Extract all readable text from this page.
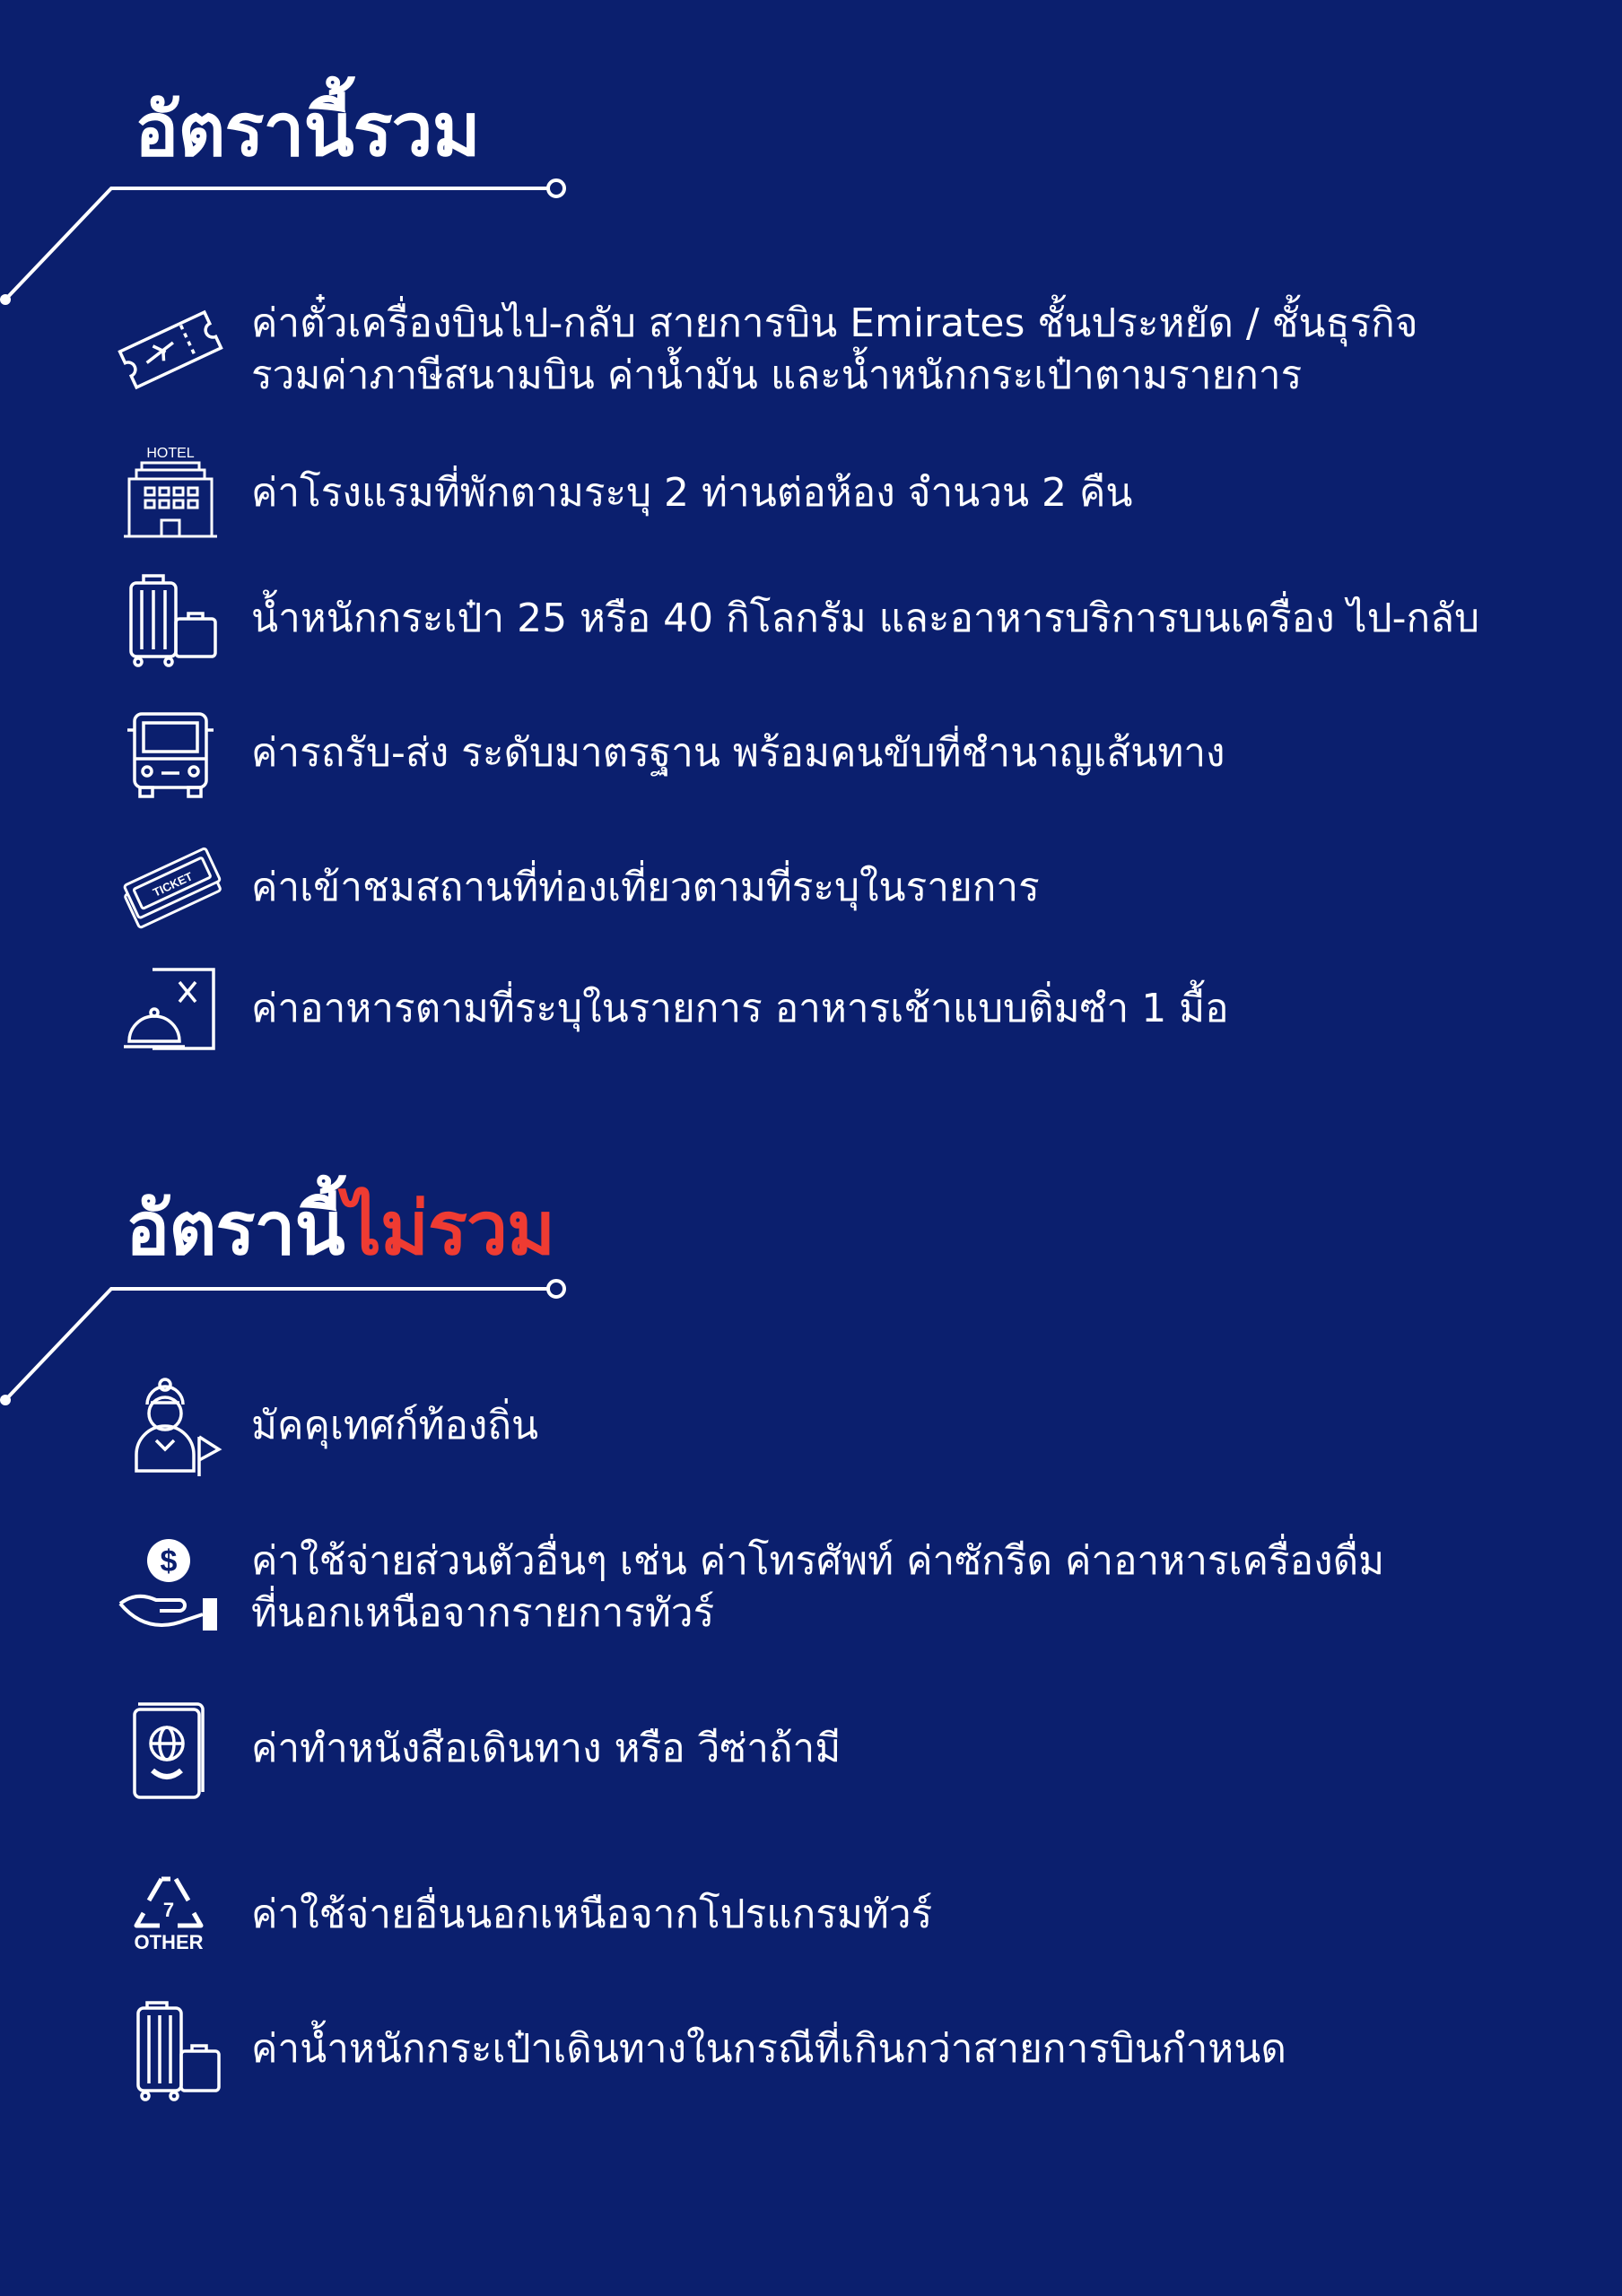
อัตรานี้รวม
ค่าตั๋วเครื่องบินไป-กลับ สายการบิน Emirates ชั้นประหยัด / ชั้นธุรกิจ
รวมค่าภาษีสนามบิน ค่าน้ำมัน และน้ำหนักกระเป๋าตามรายการ
HOTEL
ค่าโรงแรมที่พักตามระบุ 2 ท่านต่อห้อง จำนวน 2 คืน
น้ำหนักกระเป๋า 25 หรือ 40 กิโลกรัม และอาหารบริการบนเครื่อง ไป-กลับ
ค่ารถรับ-ส่ง ระดับมาตรฐาน พร้อมคนขับที่ชำนาญเส้นทาง
TICKET ค่าเข้าชมสถานที่ท่องเที่ยวตามที่ระบุในรายการ
ค่าอาหารตามที่ระบุในรายการ อาหารเช้าแบบติ่มซำ 1 มื้อ
อัตรานี้ไม่รวม
มัคคุเทศก์ท้องถิ่น
$ ค่าใช้จ่ายส่วนตัวอื่นๆ เช่น ค่าโทรศัพท์ ค่าซักรีด ค่าอาหารเครื่องดื่ม
ที่นอกเหนือจากรายการทัวร์
ค่าทำหนังสือเดินทาง หรือ วีซ่าถ้ามี
7
OTHER
ค่าใช้จ่ายอื่นนอกเหนือจากโปรแกรมทัวร์
ค่าน้ำหนักกระเป๋าเดินทางในกรณีที่เกินกว่าสายการบินกำหนด
